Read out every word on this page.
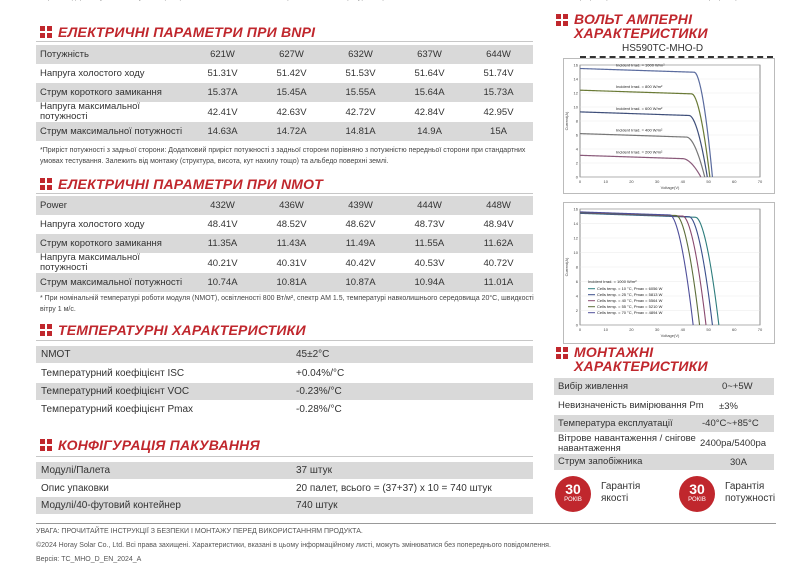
ЕЛЕКТРИЧНІ ПАРАМЕТРИ ПРИ BNPI
Потужність	621W	627W	632W	637W	644W
Напруга холостого ходу	51.31V	51.42V	51.53V	51.64V	51.74V
Струм короткого замикання	15.37A	15.45A	15.55A	15.64A	15.73A
Напруга максимальної потужності	42.41V	42.63V	42.72V	42.84V	42.95V
Струм максимальної потужності	14.63A	14.72A	14.81A	14.9A	15A
*Приріст потужності з задньої сторони: Додатковий приріст потужності з задньої сторони порівняно з потужністю передньої сторони при стандартних умовах тестування. Залежить від монтажу (структура, висота, кут нахилу тощо) та альбедо поверхні землі.
ЕЛЕКТРИЧНІ ПАРАМЕТРИ ПРИ NMOT
Power	432W	436W	439W	444W	448W
Напруга холостого ходу	48.41V	48.52V	48.62V	48.73V	48.94V
Струм короткого замикання	11.35A	11.43A	11.49A	11.55A	11.62A
Напруга максимальної потужності	40.21V	40.31V	40.42V	40.53V	40.72V
Струм максимальної потужності	10.74A	10.81A	10.87A	10.94A	11.01A
* При номінальній температурі роботи модуля (NMOT), освітленості 800 Вт/м², спектр AM 1.5, температурі навколишнього середовища 20°C, швидкості вітру 1 м/с.
ТЕМПЕРАТУРНІ ХАРАКТЕРИСТИКИ
NMOT	45±2°C
Температурний коефіцієнт ISC	+0.04%/°C
Температурний коефіцієнт VOC	-0.23%/°C
Температурний коефіцієнт Pmax	-0.28%/°C
КОНФІГУРАЦІЯ ПАКУВАННЯ
Модулі/Палета	37 штук
Опис упаковки	20 палет, всього = (37+37) x 10 = 740 штук
Модулі/40-футовий контейнер	740 штук
ВОЛЬТ АМПЕРНІ ХАРАКТЕРИСТИКИ
HS590TC-MHO-D
16
14
12
10
8
6
4
2
0
0	10	20	30	40	50	60	70
Current(A)
Voltage(V)
Incident Irrad. = 1000 W/m²
Incident Irrad. = 800 W/m²
Incident Irrad. = 600 W/m²
Incident Irrad. = 400 W/m²
Incident Irrad. = 200 W/m²
16
14
12
10
8
6
4
2
0
0	10	20	30	40	50	60	70
Current(A)
Voltage(V)
Incident Irrad. = 1000 W/m²
Cells temp. = 10 °C, Pmax = 6056 W
Cells temp. = 25 °C, Pmax = 5813 W
Cells temp. = 40 °C, Pmax = 5564 W
Cells temp. = 55 °C, Pmax = 5210 W
Cells temp. = 70 °C, Pmax = 4894 W
МОНТАЖНІ ХАРАКТЕРИСТИКИ
Вибір живлення	0~+5W
Невизначеність вимірювання Pm ±3%
Температура експлуатації	-40°C~+85°C
Вітрове навантаження / снігове навантаження	2400pa/5400pa
Струм запобіжника	30A
30
РОКІВ
Гарантія якості
30
РОКІВ
Гарантія потужності
УВАГА: ПРОЧИТАЙТЕ ІНСТРУКЦІЇ З БЕЗПЕКИ І МОНТАЖУ ПЕРЕД ВИКОРИСТАННЯМ ПРОДУКТА.
©2024 Horay Solar Co., Ltd. Всі права захищені. Характеристики, вказані в цьому інформаційному листі, можуть змінюватися без попереднього повідомлення.
Версія: TC_MHO_D_EN_2024_A
